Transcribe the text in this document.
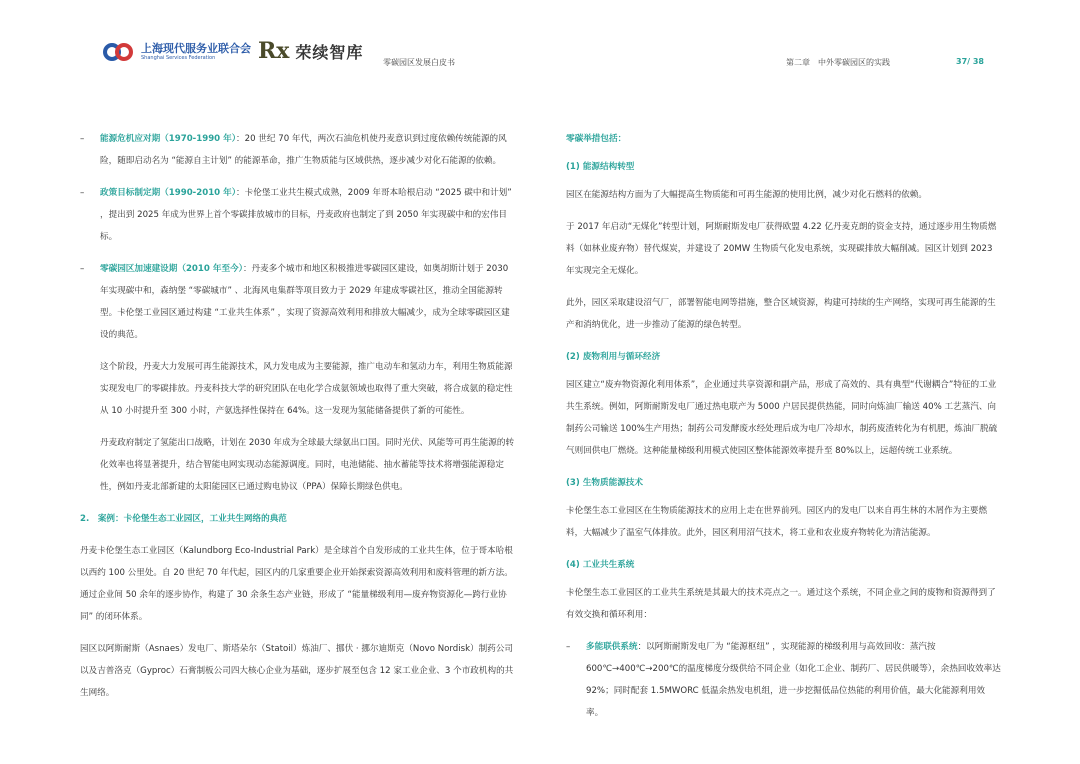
上海现代服务业联合会
Shanghai Services Federation	Rx 荣续智库
零碳园区发展白皮书	第二章　中外零碳园区的实践	37/ 38
–	能源危机应对期（1970-1990 年）：20 世纪 70 年代，两次石油危机使丹麦意识到过度依赖传统能源的风险，随即启动名为 “能源自主计划” 的能源革命，推广生物质能与区域供热，逐步减少对化石能源的依赖。
–	政策目标制定期（1990-2010 年）：卡伦堡工业共生模式成熟，2009 年哥本哈根启动 “2025 碳中和计划” ，提出到 2025 年成为世界上首个零碳排放城市的目标，丹麦政府也制定了到 2050 年实现碳中和的宏伟目标。
–	零碳园区加速建设期（2010 年至今）：丹麦多个城市和地区积极推进零碳园区建设，如奥胡斯计划于 2030 年实现碳中和，森纳堡 “零碳城市” 、北海风电集群等项目致力于 2029 年建成零碳社区，推动全国能源转型。卡伦堡工业园区通过构建 “工业共生体系” ，实现了资源高效利用和排放大幅减少，成为全球零碳园区建设的典范。

这个阶段，丹麦大力发展可再生能源技术，风力发电成为主要能源，推广电动车和氢动力车，利用生物质能源实现发电厂的零碳排放。丹麦科技大学的研究团队在电化学合成氨领域也取得了重大突破，将合成氨的稳定性从 10 小时提升至 300 小时，产氨选择性保持在 64%。这一发现为氢能储备提供了新的可能性。

丹麦政府制定了氢能出口战略，计划在 2030 年成为全球最大绿氨出口国。同时光伏、风能等可再生能源的转化效率也将显著提升，结合智能电网实现动态能源调度。同时，电池储能、抽水蓄能等技术将增强能源稳定性，例如丹麦北部新建的太阳能园区已通过购电协议（PPA）保障长期绿色供电。

2.　案例：卡伦堡生态工业园区，工业共生网络的典范

丹麦卡伦堡生态工业园区（Kalundborg Eco-Industrial Park）是全球首个自发形成的工业共生体，位于哥本哈根以西约 100 公里处。自 20 世纪 70 年代起，园区内的几家重要企业开始探索资源高效利用和废料管理的新方法。通过企业间 50 余年的逐步协作，构建了 30 余条生态产业链，形成了 “能量梯级利用—废弃物资源化—跨行业协同” 的闭环体系。

园区以阿斯耐斯（Asnaes）发电厂、斯塔朵尔（Statoil）炼油厂、挪伏 · 挪尔迪斯克（Novo Nordisk）制药公司以及吉普洛克（Gyproc）石膏制板公司四大核心企业为基础，逐步扩展至包含 12 家工业企业、3 个市政机构的共生网络。

零碳举措包括：
(1) 能源结构转型

园区在能源结构方面为了大幅提高生物质能和可再生能源的使用比例，减少对化石燃料的依赖。

于 2017 年启动“无煤化”转型计划，阿斯耐斯发电厂获得欧盟 4.22 亿丹麦克朗的资金支持，通过逐步用生物质燃料（如林业废弃物）替代煤炭，并建设了 20MW 生物质气化发电系统，实现碳排放大幅削减。园区计划到 2023 年实现完全无煤化。

此外，园区采取建设沼气厂，部署智能电网等措施，整合区域资源，构建可持续的生产网络，实现可再生能源的生产和消纳优化，进一步推动了能源的绿色转型。

(2) 废物利用与循环经济

园区建立“废弃物资源化利用体系”，企业通过共享资源和副产品，形成了高效的、具有典型“代谢耦合”特征的工业共生系统。例如，阿斯耐斯发电厂通过热电联产为 5000 户居民提供热能，同时向炼油厂输送 40% 工艺蒸汽、向制药公司输送 100%生产用热；制药公司发酵废水经处理后成为电厂冷却水，制药废渣转化为有机肥，炼油厂脱硫气则回供电厂燃烧。这种能量梯级利用模式使园区整体能源效率提升至 80%以上，远超传统工业系统。

(3) 生物质能源技术

卡伦堡生态工业园区在生物质能源技术的应用上走在世界前列。园区内的发电厂以来自再生林的木屑作为主要燃料，大幅减少了温室气体排放。此外，园区利用沼气技术，将工业和农业废弃物转化为清洁能源。

(4) 工业共生系统

卡伦堡生态工业园区的工业共生系统是其最大的技术亮点之一。通过这个系统，不同企业之间的废物和资源得到了有效交换和循环利用：

–	多能联供系统：以阿斯耐斯发电厂为 “能源枢纽” ，实现能源的梯级利用与高效回收：蒸汽按 600℃→400℃→200℃的温度梯度分级供给不同企业（如化工企业、制药厂、居民供暖等），余热回收效率达 92%；同时配套 1.5MWORC 低温余热发电机组，进一步挖掘低品位热能的利用价值，最大化能源利用效率。
